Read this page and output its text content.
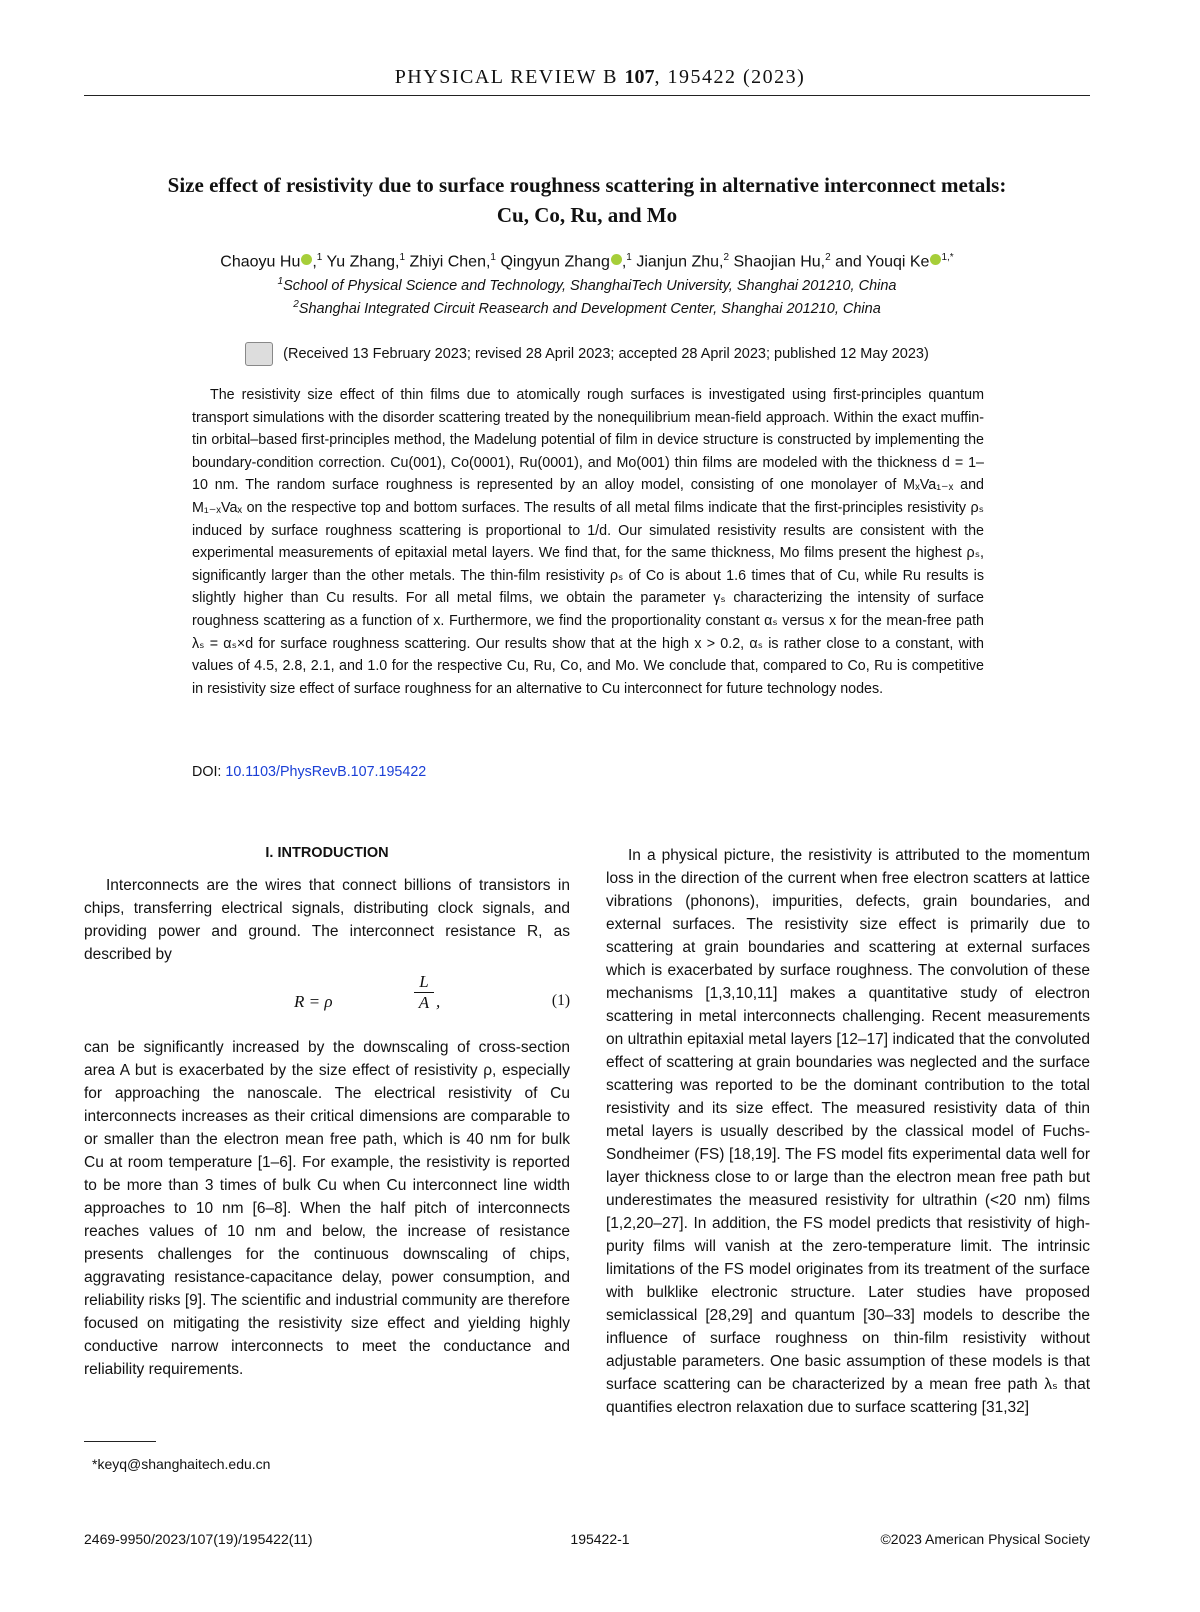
PHYSICAL REVIEW B 107, 195422 (2023)
Size effect of resistivity due to surface roughness scattering in alternative interconnect metals:
Cu, Co, Ru, and Mo
Chaoyu Hu ,$^1$ Yu Zhang,$^1$ Zhiyi Chen,$^1$ Qingyun Zhang ,$^1$ Jianjun Zhu,$^2$ Shaojian Hu,$^2$ and Youqi Ke $^{1,*}$
$^1$School of Physical Science and Technology, ShanghaiTech University, Shanghai 201210, China
$^2$Shanghai Integrated Circuit Reasearch and Development Center, Shanghai 201210, China
(Received 13 February 2023; revised 28 April 2023; accepted 28 April 2023; published 12 May 2023)
The resistivity size effect of thin films due to atomically rough surfaces is investigated using first-principles quantum transport simulations with the disorder scattering treated by the nonequilibrium mean-field approach. Within the exact muffin-tin orbital–based first-principles method, the Madelung potential of film in device structure is constructed by implementing the boundary-condition correction. Cu(001), Co(0001), Ru(0001), and Mo(001) thin films are modeled with the thickness d = 1–10 nm. The random surface roughness is represented by an alloy model, consisting of one monolayer of MₓVa₁₋ₓ and M₁₋ₓVaₓ on the respective top and bottom surfaces. The results of all metal films indicate that the first-principles resistivity ρₛ induced by surface roughness scattering is proportional to 1/d. Our simulated resistivity results are consistent with the experimental measurements of epitaxial metal layers. We find that, for the same thickness, Mo films present the highest ρₛ, significantly larger than the other metals. The thin-film resistivity ρₛ of Co is about 1.6 times that of Cu, while Ru results is slightly higher than Cu results. For all metal films, we obtain the parameter γₛ characterizing the intensity of surface roughness scattering as a function of x. Furthermore, we find the proportionality constant αₛ versus x for the mean-free path λₛ = αₛ×d for surface roughness scattering. Our results show that at the high x > 0.2, αₛ is rather close to a constant, with values of 4.5, 2.8, 2.1, and 1.0 for the respective Cu, Ru, Co, and Mo. We conclude that, compared to Co, Ru is competitive in resistivity size effect of surface roughness for an alternative to Cu interconnect for future technology nodes.
DOI: 10.1103/PhysRevB.107.195422
I. INTRODUCTION
Interconnects are the wires that connect billions of transistors in chips, transferring electrical signals, distributing clock signals, and providing power and ground. The interconnect resistance R, as described by
R = ρ	$\frac{L}{A}$ ,	(1)
can be significantly increased by the downscaling of cross-section area A but is exacerbated by the size effect of resistivity ρ, especially for approaching the nanoscale. The electrical resistivity of Cu interconnects increases as their critical dimensions are comparable to or smaller than the electron mean free path, which is 40 nm for bulk Cu at room temperature [1–6]. For example, the resistivity is reported to be more than 3 times of bulk Cu when Cu interconnect line width approaches to 10 nm [6–8]. When the half pitch of interconnects reaches values of 10 nm and below, the increase of resistance presents challenges for the continuous downscaling of chips, aggravating resistance-capacitance delay, power consumption, and reliability risks [9]. The scientific and industrial community are therefore focused on mitigating the resistivity size effect and yielding highly conductive narrow interconnects to meet the conductance and reliability requirements.
In a physical picture, the resistivity is attributed to the momentum loss in the direction of the current when free electron scatters at lattice vibrations (phonons), impurities, defects, grain boundaries, and external surfaces. The resistivity size effect is primarily due to scattering at grain boundaries and scattering at external surfaces which is exacerbated by surface roughness. The convolution of these mechanisms [1,3,10,11] makes a quantitative study of electron scattering in metal interconnects challenging. Recent measurements on ultrathin epitaxial metal layers [12–17] indicated that the convoluted effect of scattering at grain boundaries was neglected and the surface scattering was reported to be the dominant contribution to the total resistivity and its size effect. The measured resistivity data of thin metal layers is usually described by the classical model of Fuchs-Sondheimer (FS) [18,19]. The FS model fits experimental data well for layer thickness close to or large than the electron mean free path but underestimates the measured resistivity for ultrathin (<20 nm) films [1,2,20–27]. In addition, the FS model predicts that resistivity of high-purity films will vanish at the zero-temperature limit. The intrinsic limitations of the FS model originates from its treatment of the surface with bulklike electronic structure. Later studies have proposed semiclassical [28,29] and quantum [30–33] models to describe the influence of surface roughness on thin-film resistivity without adjustable parameters. One basic assumption of these models is that surface scattering can be characterized by a mean free path λₛ that quantifies electron relaxation due to surface scattering [31,32]
*keyq@shanghaitech.edu.cn
2469-9950/2023/107(19)/195422(11)	195422-1	©2023 American Physical Society
